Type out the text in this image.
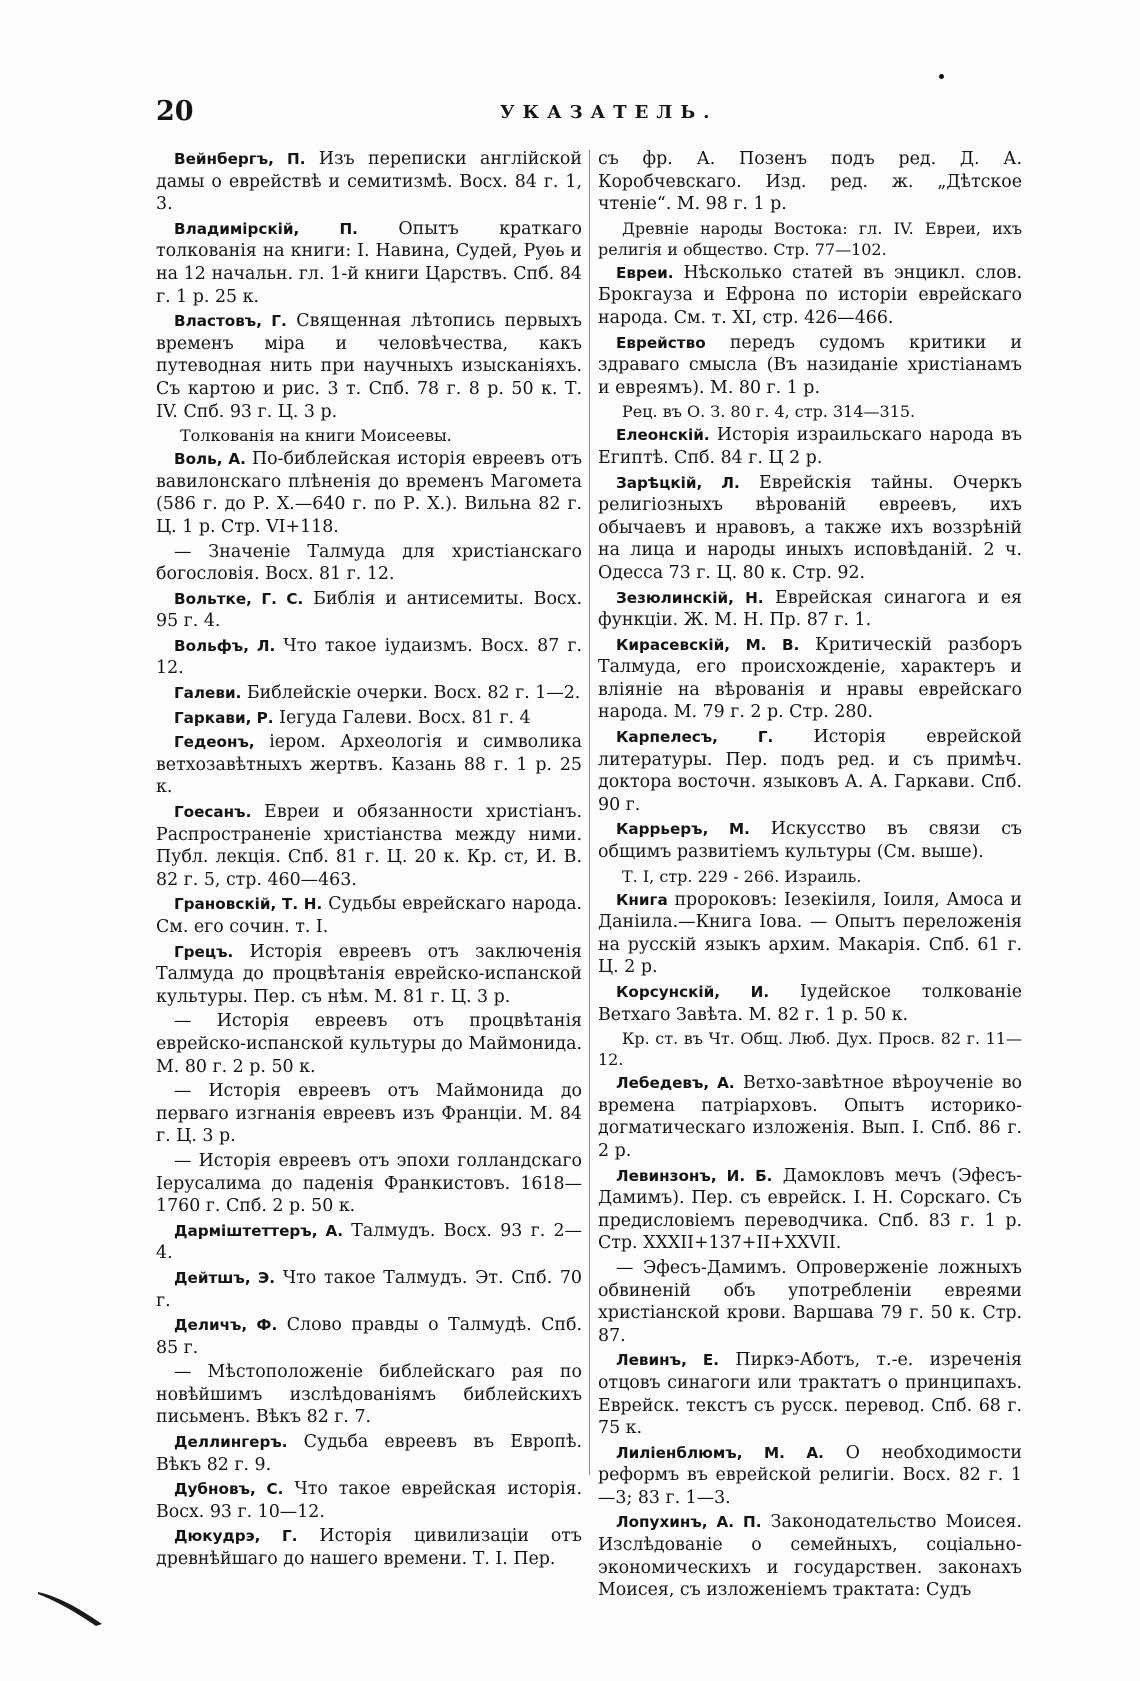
20	УКАЗАТЕЛЬ.

Вейнбергъ, П. Изъ переписки англійской дамы о еврействѣ и семитизмѣ. Восх. 84 г. 1, 3.

Владимірскій, П. Опытъ краткаго толкованія на книги: І. Навина, Судей, Руѳь и на 12 начальн. гл. 1-й книги Царствъ. Спб. 84 г. 1 р. 25 к.

Властовъ, Г. Священная лѣтопись первыхъ временъ міра и человѣчества, какъ путеводная нить при научныхъ изысканіяхъ. Съ картою и рис. 3 т. Спб. 78 г. 8 р. 50 к. Т. IV. Спб. 93 г. Ц. 3 р.

Толкованія на книги Моисеевы.

Воль, А. По-библейская исторія евреевъ отъ вавилонскаго плѣненія до временъ Магомета (586 г. до Р. Х.—640 г. по Р. Х.). Вильна 82 г. Ц. 1 р. Стр. VI+118.

— Значеніе Талмуда для христіанскаго богословія. Восх. 81 г. 12.

Вольтке, Г. С. Библія и антисемиты. Восх. 95 г. 4.

Вольфъ, Л. Что такое іудаизмъ. Восх. 87 г. 12.

Галеви. Библейскіе очерки. Восх. 82 г. 1—2.

Гаркави, Р. Іегуда Галеви. Восх. 81 г. 4

Гедеонъ, іером. Археологія и символика ветхозавѣтныхъ жертвъ. Казань 88 г. 1 р. 25 к.

Гоесанъ. Евреи и обязанности христіанъ. Распространеніе христіанства между ними. Публ. лекція. Спб. 81 г. Ц. 20 к. Кр. ст, И. В. 82 г. 5, стр. 460—463.

Грановскій, Т. Н. Судьбы еврейскаго народа. См. его сочин. т. I.

Грецъ. Исторія евреевъ отъ заключенія Талмуда до процвѣтанія еврейско-испанской культуры. Пер. съ нѣм. М. 81 г. Ц. 3 р.

— Исторія евреевъ отъ процвѣтанія еврейско-испанской культуры до Маймонида. М. 80 г. 2 р. 50 к.

— Исторія евреевъ отъ Маймонида до перваго изгнанія евреевъ изъ Франціи. М. 84 г. Ц. 3 р.

— Исторія евреевъ отъ эпохи голландскаго Іерусалима до паденія Франкистовъ. 1618—1760 г. Спб. 2 р. 50 к.

Дарміштеттеръ, А. Талмудъ. Восх. 93 г. 2—4.

Дейтшъ, Э. Что такое Талмудъ. Эт. Спб. 70 г.

Деличъ, Ф. Слово правды о Талмудѣ. Спб. 85 г.

— Мѣстоположеніе библейскаго рая по новѣйшимъ изслѣдованіямъ библейскихъ письменъ. Вѣкъ 82 г. 7.

Деллингеръ. Судьба евреевъ въ Европѣ. Вѣкъ 82 г. 9.

Дубновъ, С. Что такое еврейская исторія. Восх. 93 г. 10—12.

Дюкудрэ, Г. Исторія цивилизаціи отъ древнѣйшаго до нашего времени. Т. I. Пер.

съ фр. А. Позенъ подъ ред. Д. А. Коробчевскаго. Изд. ред. ж. „Дѣтское чтеніе“. М. 98 г. 1 р.

Древніе народы Востока: гл. IV. Евреи, ихъ религія и общество. Стр. 77—102.

Евреи. Нѣсколько статей въ энцикл. слов. Брокгауза и Ефрона по исторіи еврейскаго народа. См. т. XI, стр. 426—466.

Еврейство передъ судомъ критики и здраваго смысла (Въ назиданіе христіанамъ и евреямъ). М. 80 г. 1 р.

Рец. въ О. З. 80 г. 4, стр. 314—315.

Елеонскій. Исторія израильскаго народа въ Египтѣ. Спб. 84 г. Ц 2 р.

Зарѣцкій, Л. Еврейскія тайны. Очеркъ религіозныхъ вѣрованій евреевъ, ихъ обычаевъ и нравовъ, а также ихъ воззрѣній на лица и народы иныхъ исповѣданій. 2 ч. Одесса 73 г. Ц. 80 к. Стр. 92.

Зезюлинскій, Н. Еврейская синагога и ея функціи. Ж. М. Н. Пр. 87 г. 1.

Кирасевскій, М. В. Критическій разборъ Талмуда, его происхожденіе, характеръ и вліяніе на вѣрованія и нравы еврейскаго народа. М. 79 г. 2 р. Стр. 280.

Карпелесъ, Г. Исторія еврейской литературы. Пер. подъ ред. и съ примѣч. доктора восточн. языковъ А. А. Гаркави. Спб. 90 г.

Каррьеръ, М. Искусство въ связи съ общимъ развитіемъ культуры (См. выше).

Т. I, стр. 229 - 266. Израиль.

Книга пророковъ: Іезекіиля, Іоиля, Амоса и Даніила.—Книга Іова. — Опытъ переложенія на русскій языкъ архим. Макарія. Спб. 61 г. Ц. 2 р.

Корсунскій, И. Іудейское толкованіе Ветхаго Завѣта. М. 82 г. 1 р. 50 к.

Кр. ст. въ Чт. Общ. Люб. Дух. Просв. 82 г. 11—12.

Лебедевъ, А. Ветхо-завѣтное вѣроученіе во времена патріарховъ. Опытъ историко-догматическаго изложенія. Вып. I. Спб. 86 г. 2 р.

Левинзонъ, И. Б. Дамокловъ мечъ (Эфесъ-Дамимъ). Пер. съ еврейск. І. Н. Сорскаго. Съ предисловіемъ переводчика. Спб. 83 г. 1 р. Стр. XXXII+137+II+XXVII.

— Эфесъ-Дамимъ. Опроверженіе ложныхъ обвиненій объ употребленіи евреями христіанской крови. Варшава 79 г. 50 к. Стр. 87.

Левинъ, Е. Пиркэ-Аботъ, т.-е. изреченія отцовъ синагоги или трактатъ о принципахъ. Еврейск. текстъ съ русск. перевод. Спб. 68 г. 75 к.

Лиліенблюмъ, М. А. О необходимости реформъ въ еврейской религіи. Восх. 82 г. 1—3; 83 г. 1—3.

Лопухинъ, А. П. Законодательство Моисея. Изслѣдованіе о семейныхъ, соціально-экономическихъ и государствен. законахъ Моисея, съ изложеніемъ трактата: Судъ
